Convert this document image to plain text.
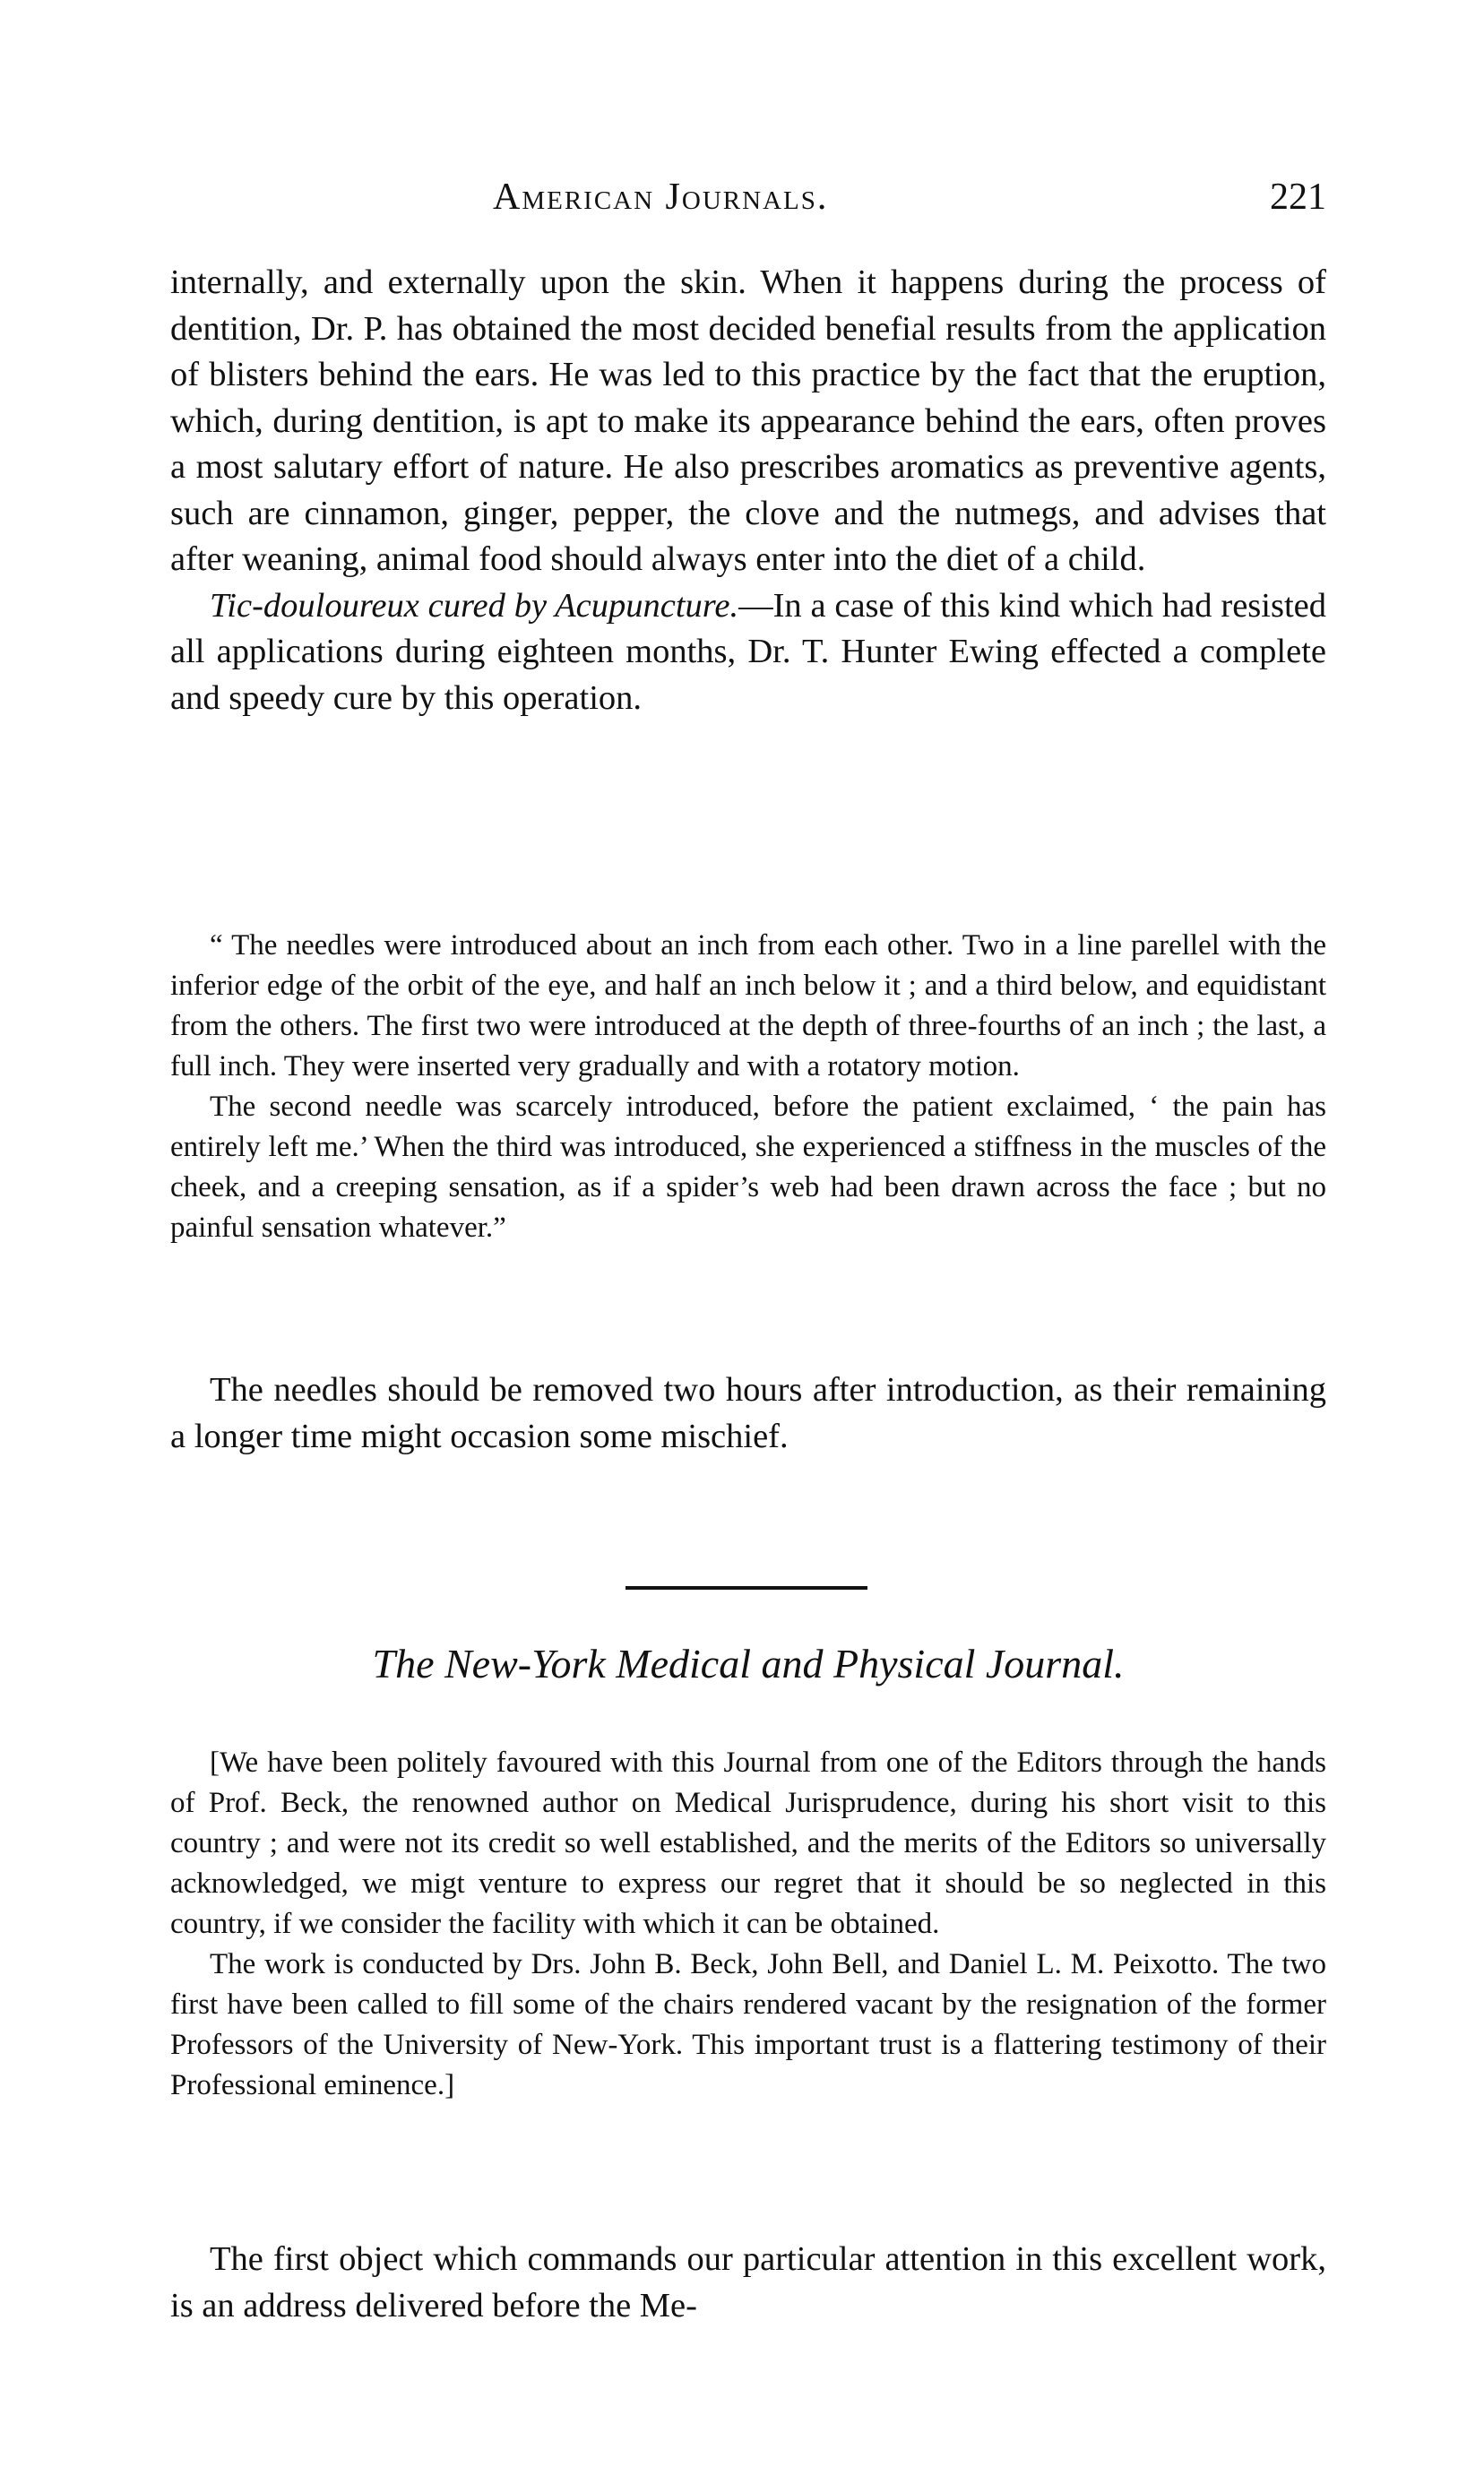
American Journals.	221

internally, and externally upon the skin. When it happens during the process of dentition, Dr. P. has obtained the most decided benefial results from the application of blisters behind the ears. He was led to this practice by the fact that the eruption, which, during dentition, is apt to make its appearance behind the ears, often proves a most salutary effort of nature. He also prescribes aromatics as preventive agents, such are cinnamon, ginger, pepper, the clove and the nutmegs, and advises that after weaning, animal food should always enter into the diet of a child.

Tic-douloureux cured by Acupuncture.—In a case of this kind which had resisted all applications during eighteen months, Dr. T. Hunter Ewing effected a complete and speedy cure by this operation.

“ The needles were introduced about an inch from each other. Two in a line parellel with the inferior edge of the orbit of the eye, and half an inch below it ; and a third below, and equidistant from the others. The first two were introduced at the depth of three-fourths of an inch ; the last, a full inch. They were inserted very gradually and with a rotatory motion.

The second needle was scarcely introduced, before the patient exclaimed, ‘ the pain has entirely left me.’ When the third was introduced, she experienced a stiffness in the muscles of the cheek, and a creeping sensation, as if a spider’s web had been drawn across the face ; but no painful sensation whatever.”

The needles should be removed two hours after introduction, as their remaining a longer time might occasion some mischief.

The New-York Medical and Physical Journal.

[We have been politely favoured with this Journal from one of the Editors through the hands of Prof. Beck, the renowned author on Medical Jurisprudence, during his short visit to this country ; and were not its credit so well established, and the merits of the Editors so universally acknowledged, we migt venture to express our regret that it should be so neglected in this country, if we consider the facility with which it can be obtained.

The work is conducted by Drs. John B. Beck, John Bell, and Daniel L. M. Peixotto. The two first have been called to fill some of the chairs rendered vacant by the resignation of the former Professors of the University of New-York. This important trust is a flattering testimony of their Professional eminence.]

The first object which commands our particular attention in this excellent work, is an address delivered before the Me-
